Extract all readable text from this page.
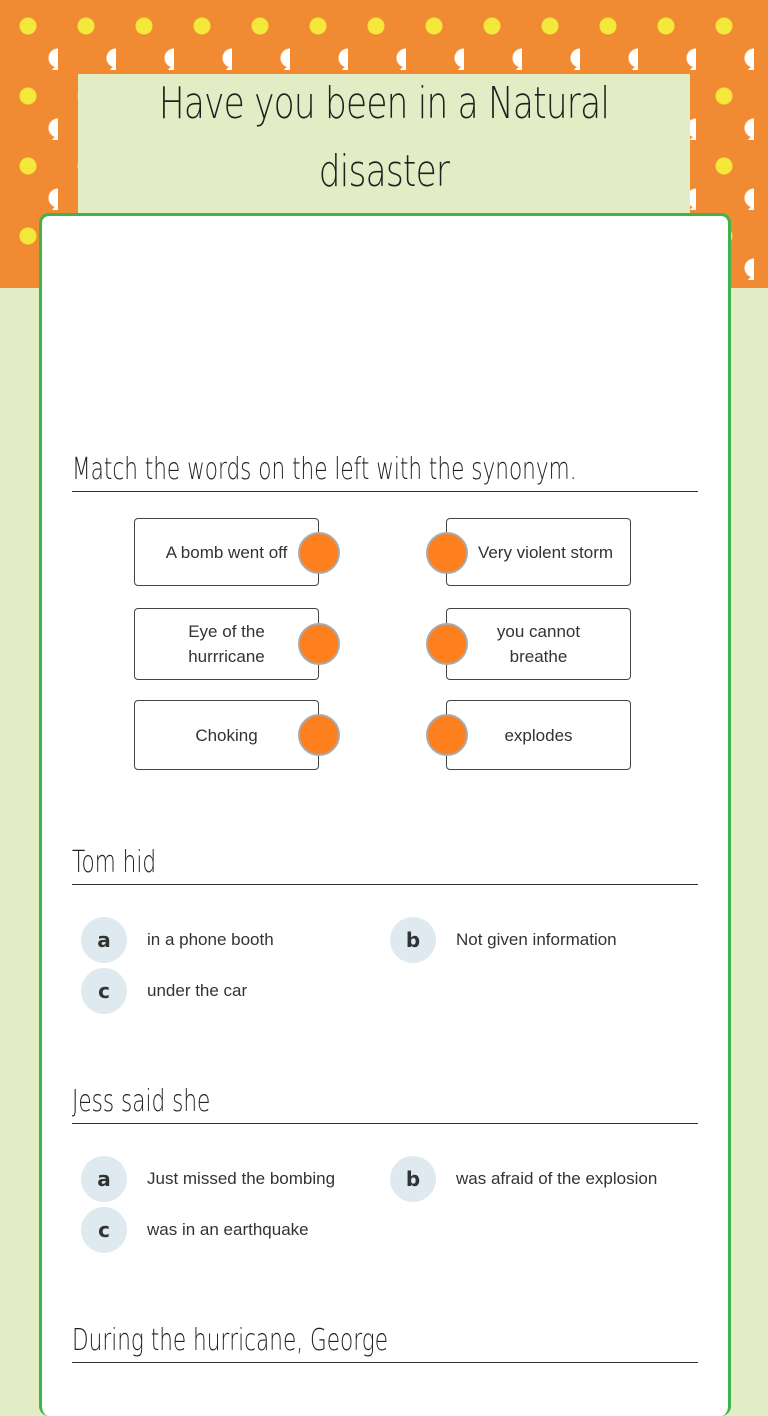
Have you been in a Natural
disaster
Match the words on the left with the synonym.
A bomb went off	Very violent storm
Eye of the hurrricane
you cannot breathe
Choking	explodes
Tom hid
a	in a phone booth	b	Not given information
c	under the car
Jess said she
a	Just missed the bombing	b	was afraid of the explosion
c	was in an earthquake
During the hurricane, George
